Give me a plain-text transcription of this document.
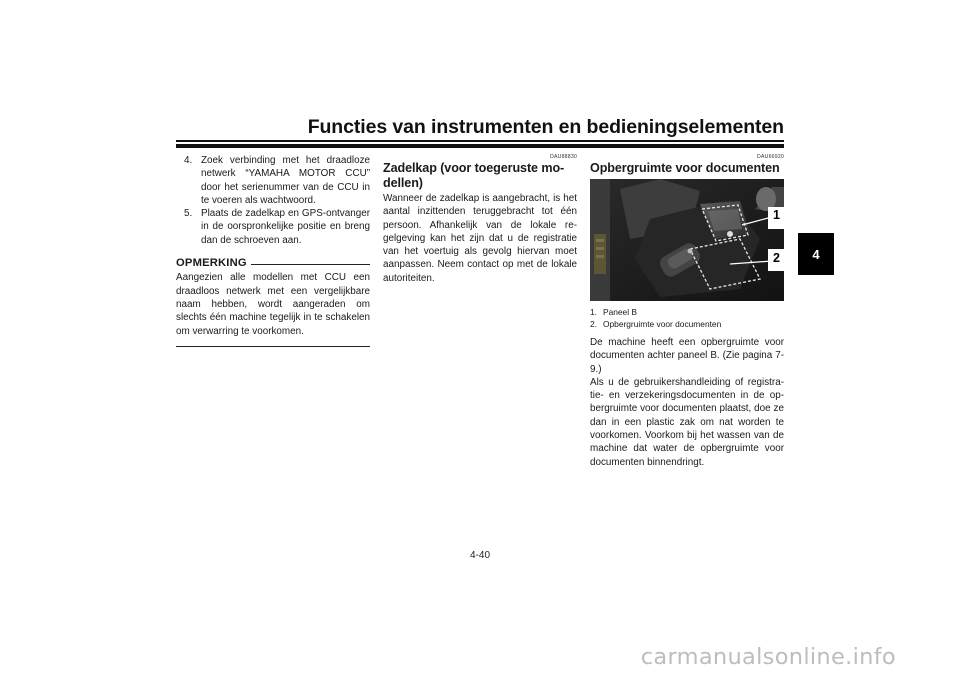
Functies van instrumenten en bedieningselementen
4
4. Zoek verbinding met het draadloze netwerk “YAMAHA MOTOR CCU” door het serienummer van de CCU in te voeren als wachtwoord.
5. Plaats de zadelkap en GPS-ontvanger in de oorspronkelijke positie en breng dan de schroeven aan.
OPMERKING

Aangezien alle modellen met CCU een draadloos netwerk met een vergelijkbare naam hebben, wordt aangeraden om slechts één machine tegelijk in te schakelen om verwarring te voorkomen.

DAU88830
Zadelkap (voor toegeruste mo-dellen)

Wanneer de zadelkap is aangebracht, is het aantal inzittenden teruggebracht tot één persoon. Afhankelijk van de lokale re-gelgeving kan het zijn dat u de registratie van het voertuig als gevolg hiervan moet aanpassen. Neem contact op met de lokale autoriteiten.

DAU66920
Opbergruimte voor documenten
1
2
1. Paneel B
2. Opbergruimte voor documenten

De machine heeft een opbergruimte voor documenten achter paneel B. (Zie pagina 7-9.)

Als u de gebruikershandleiding of registra-tie- en verzekeringsdocumenten in de op-bergruimte voor documenten plaatst, doe ze dan in een plastic zak om nat worden te voorkomen. Voorkom bij het wassen van de machine dat water de opbergruimte voor documenten binnendringt.

4-40
carmanualsonline.info
